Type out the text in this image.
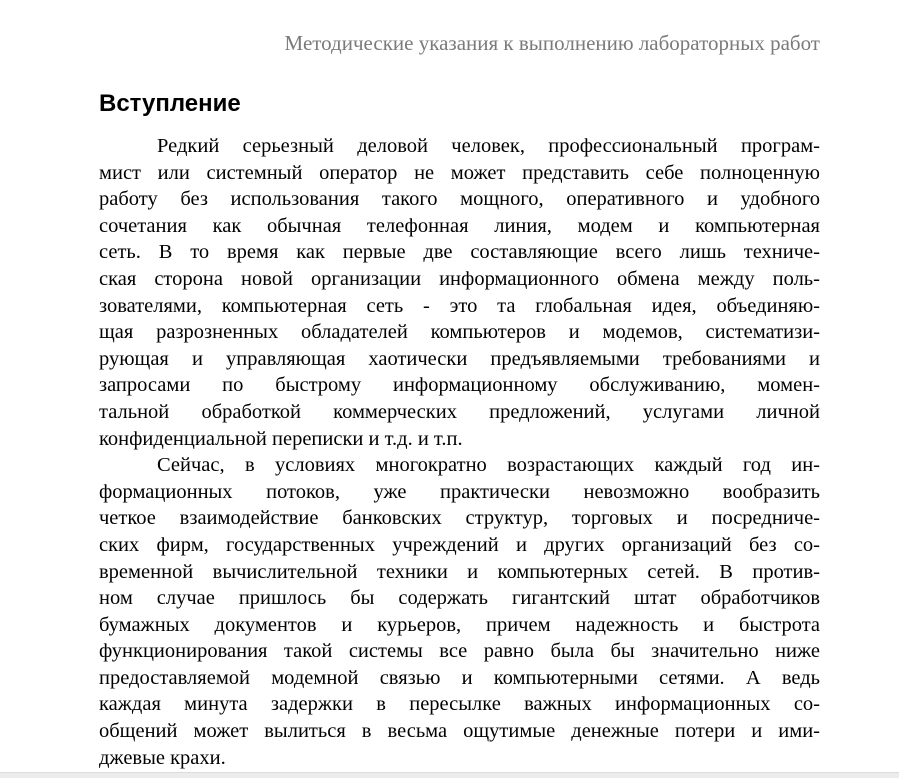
Методические указания к выполнению лабораторных работ
Вступление

Редкий серьезный деловой человек, профессиональный програм-
мист или системный оператор не может представить себе полноценную
работу без использования такого мощного, оперативного и удобного
сочетания как обычная телефонная линия, модем и компьютерная
сеть. В то время как первые две составляющие всего лишь техниче-
ская сторона новой организации информационного обмена между поль-
зователями, компьютерная сеть - это та глобальная идея, объединяю-
щая разрозненных обладателей компьютеров и модемов, систематизи-
рующая и управляющая хаотически предъявляемыми требованиями и
запросами по быстрому информационному обслуживанию, момен-
тальной обработкой коммерческих предложений, услугами личной
конфиденциальной переписки и т.д. и т.п.

Сейчас, в условиях многократно возрастающих каждый год ин-
формационных потоков, уже практически невозможно вообразить
четкое взаимодействие банковских структур, торговых и посредниче-
ских фирм, государственных учреждений и других организаций без со-
временной вычислительной техники и компьютерных сетей. В против-
ном случае пришлось бы содержать гигантский штат обработчиков
бумажных документов и курьеров, причем надежность и быстрота
функционирования такой системы все равно была бы значительно ниже
предоставляемой модемной связью и компьютерными сетями. А ведь
каждая минута задержки в пересылке важных информационных со-
общений может вылиться в весьма ощутимые денежные потери и ими-
джевые крахи.
